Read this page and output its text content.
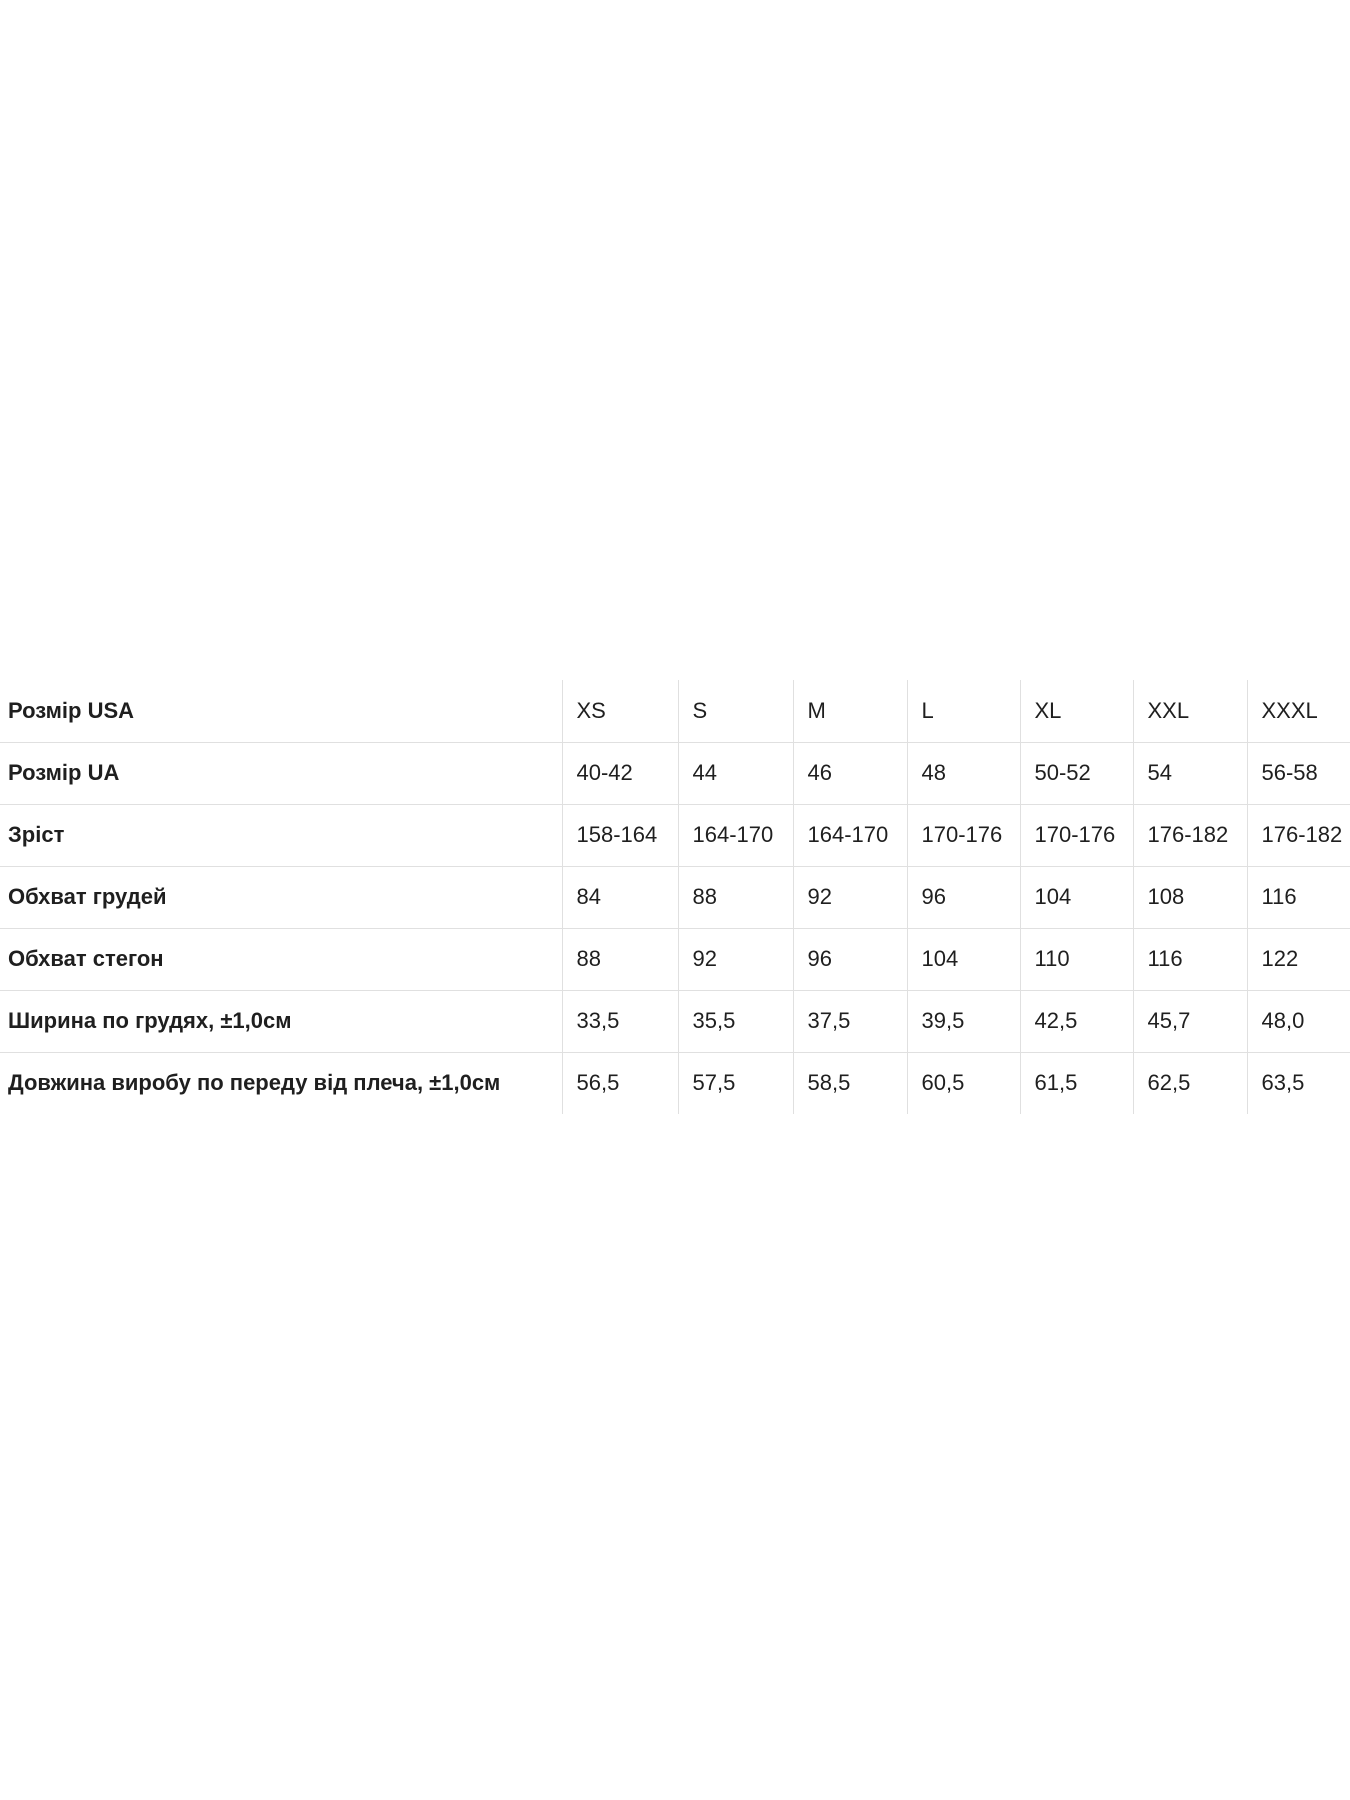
Розмір USA	XS	S	M	L	XL	XXL	XXXL
Розмір UA	40-42	44	46	48	50-52	54	56-58
Зріст	158-164	164-170	164-170	170-176	170-176	176-182	176-182
Обхват грудей	84	88	92	96	104	108	116
Обхват стегон	88	92	96	104	110	116	122
Ширина по грудях, ±1,0см	33,5	35,5	37,5	39,5	42,5	45,7	48,0
Довжина виробу по переду від плеча, ±1,0см	56,5	57,5	58,5	60,5	61,5	62,5	63,5
